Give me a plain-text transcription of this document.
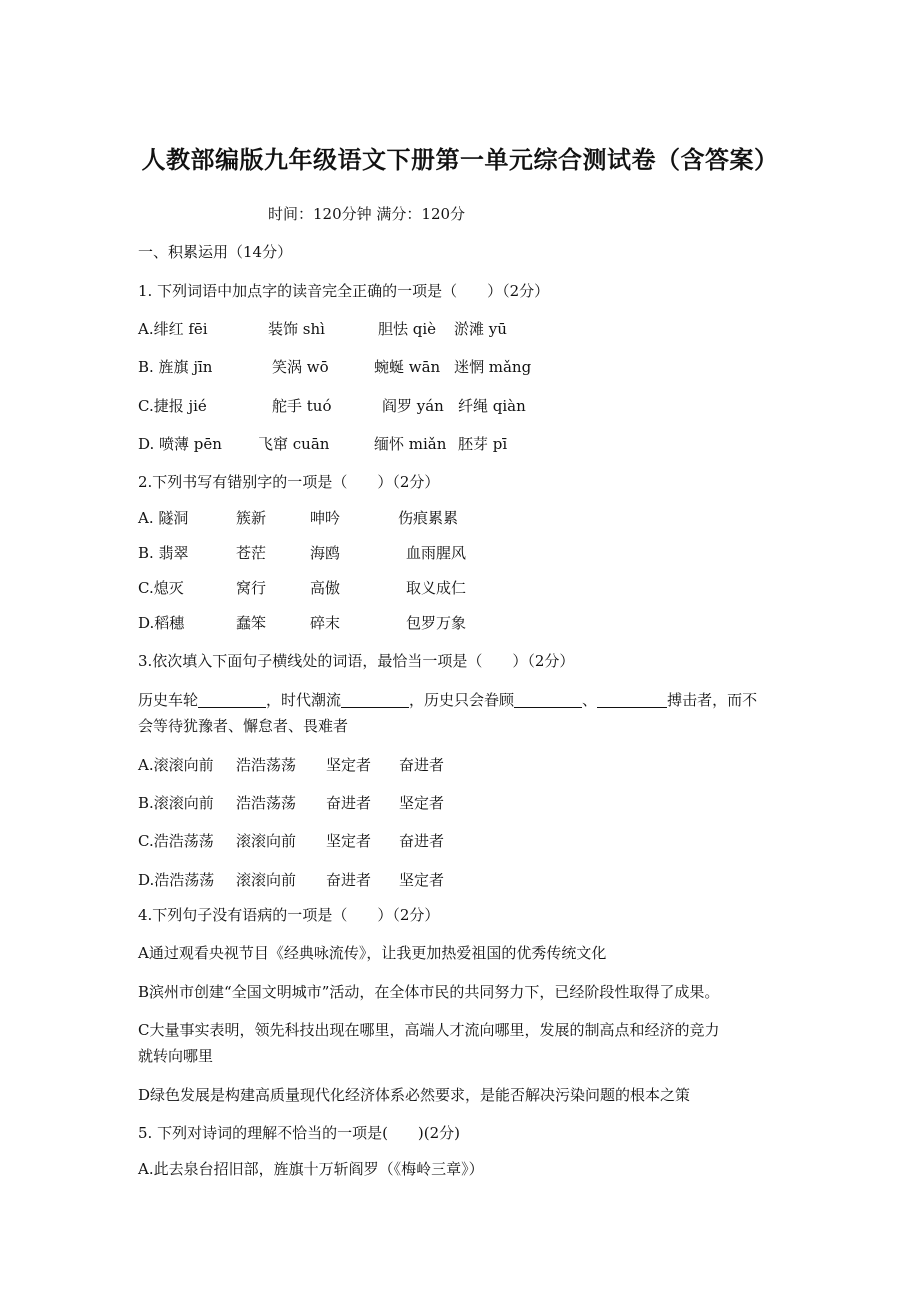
人教部编版九年级语文下册第一单元综合测试卷（含答案）
时间：120分钟 满分：120分
一、积累运用（14分）
1. 下列词语中加点字的读音完全正确的一项是（　　）（2分）
A.绯红 fēi	装饰 shì	胆怯 qiè 淤滩 yū
B. 旌旗 jīn	笑涡 wō	蜿蜒 wān 迷惘 mǎng
C.捷报 jié	舵手 tuó	阎罗 yán 纤绳 qiàn
D. 喷薄 pēn 飞窜 cuān	缅怀 miǎn 胚芽 pī
2.下列书写有错别字的一项是（　　）（2分）
A. 隧洞	簇新	呻吟	伤痕累累
B. 翡翠	苍茫	海鸥	血雨腥风
C.熄灭	窝行	高傲	取义成仁
D.稻穗	蠢笨	碎末	包罗万象
3.依次填入下面句子横线处的词语，最恰当一项是（　　）（2分）
历史车轮	，时代潮流	，历史只会眷顾	、	搏击者，而不
会等待犹豫者、懈怠者、畏难者
A.滚滚向前 浩浩荡荡 坚定者 奋进者
B.滚滚向前 浩浩荡荡 奋进者 坚定者
C.浩浩荡荡 滚滚向前 坚定者 奋进者
D.浩浩荡荡 滚滚向前 奋进者 坚定者
4.下列句子没有语病的一项是（　　）（2分）
A通过观看央视节目《经典咏流传》，让我更加热爱祖国的优秀传统文化
B滨州市创建“全国文明城市”活动，在全体市民的共同努力下，已经阶段性取得了成果。
C大量事实表明，领先科技出现在哪里，高端人才流向哪里，发展的制高点和经济的竞力
就转向哪里
D绿色发展是构建高质量现代化经济体系必然要求，是能否解决污染问题的根本之策
5. 下列对诗词的理解不恰当的一项是(　　)(2分)
A.此去泉台招旧部，旌旗十万斩阎罗（《梅岭三章》）
